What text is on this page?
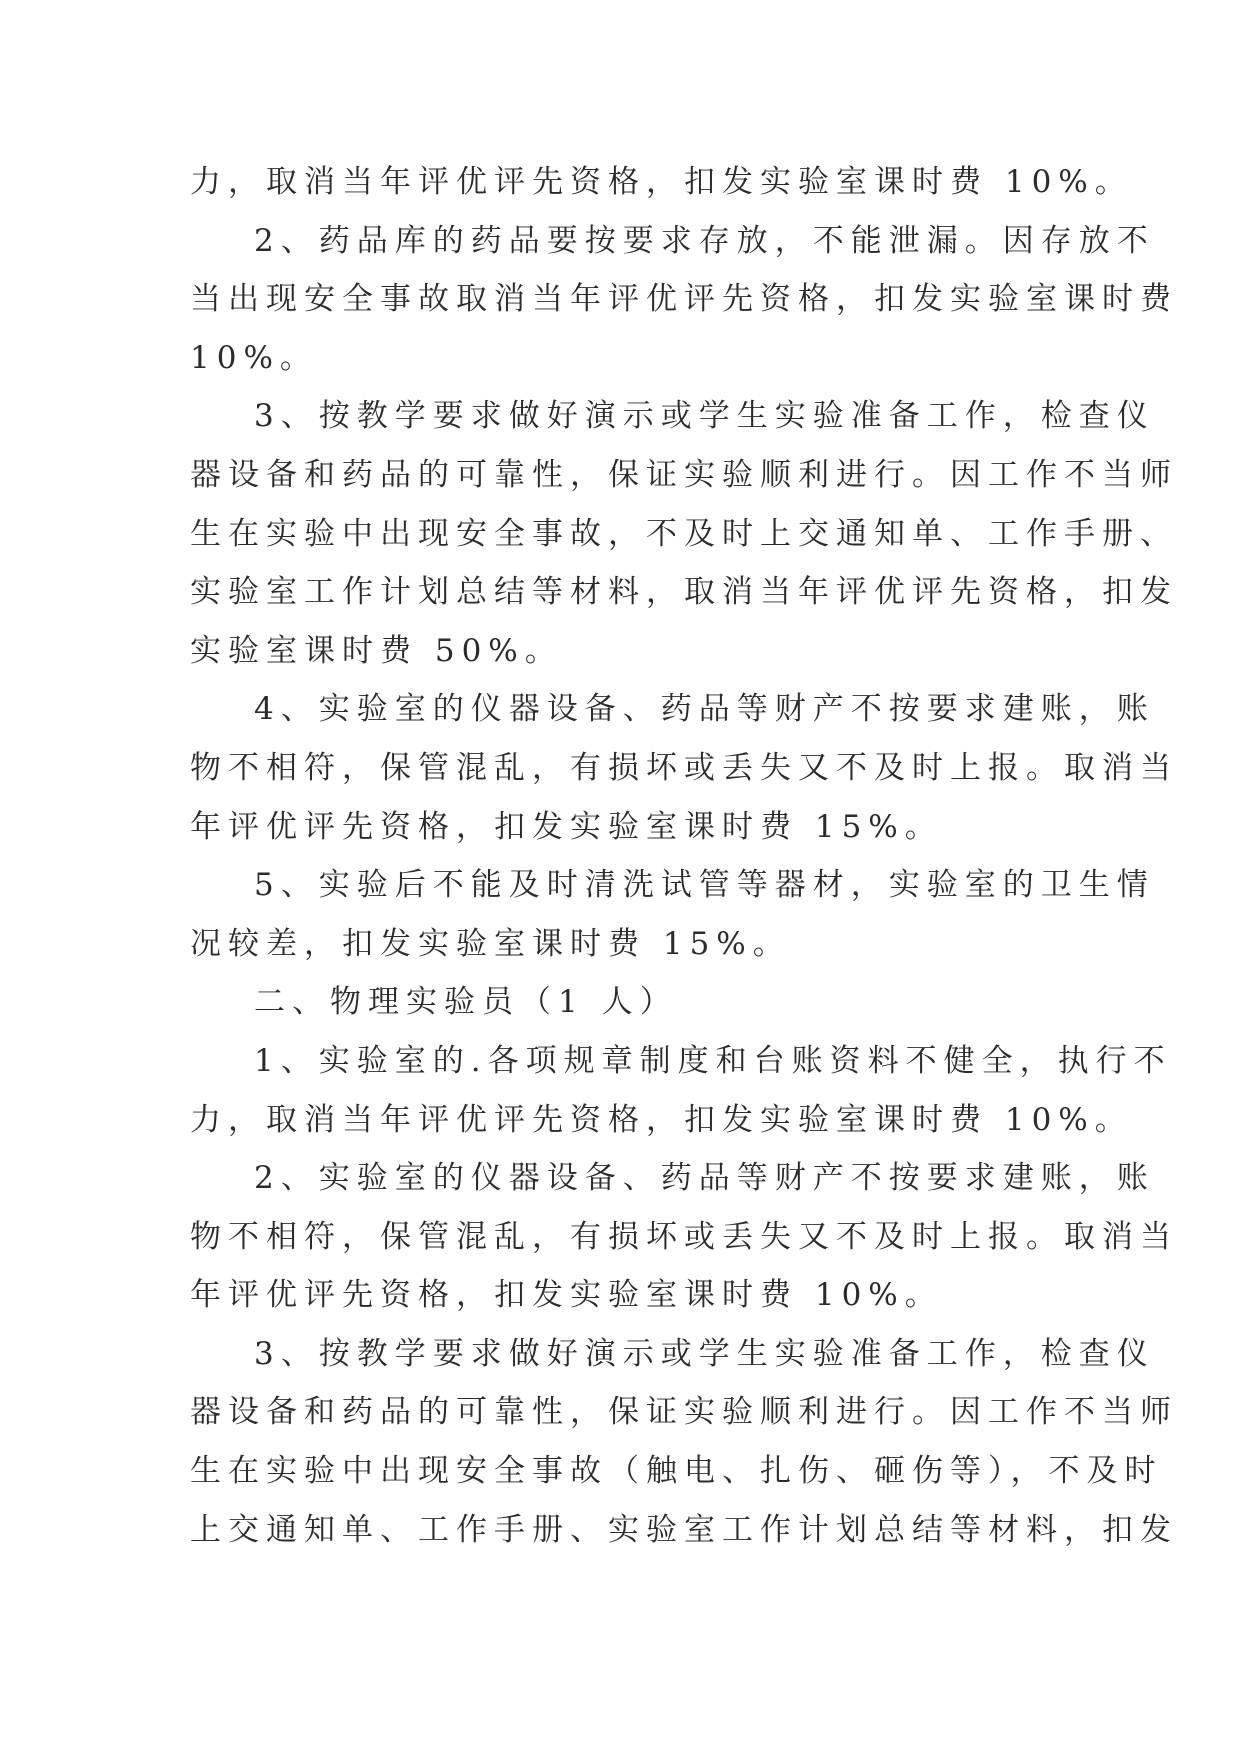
力，取消当年评优评先资格，扣发实验室课时费 10%。
2、药品库的药品要按要求存放，不能泄漏。因存放不
当出现安全事故取消当年评优评先资格，扣发实验室课时费
10%。
3、按教学要求做好演示或学生实验准备工作，检查仪
器设备和药品的可靠性，保证实验顺利进行。因工作不当师
生在实验中出现安全事故，不及时上交通知单、工作手册、
实验室工作计划总结等材料，取消当年评优评先资格，扣发
实验室课时费 50%。
4、实验室的仪器设备、药品等财产不按要求建账，账
物不相符，保管混乱，有损坏或丢失又不及时上报。取消当
年评优评先资格，扣发实验室课时费 15%。
5、实验后不能及时清洗试管等器材，实验室的卫生情
况较差，扣发实验室课时费 15%。
二、物理实验员（1 人）
1、实验室的.各项规章制度和台账资料不健全，执行不
力，取消当年评优评先资格，扣发实验室课时费 10%。
2、实验室的仪器设备、药品等财产不按要求建账，账
物不相符，保管混乱，有损坏或丢失又不及时上报。取消当
年评优评先资格，扣发实验室课时费 10%。
3、按教学要求做好演示或学生实验准备工作，检查仪
器设备和药品的可靠性，保证实验顺利进行。因工作不当师
生在实验中出现安全事故（触电、扎伤、砸伤等），不及时
上交通知单、工作手册、实验室工作计划总结等材料，扣发
